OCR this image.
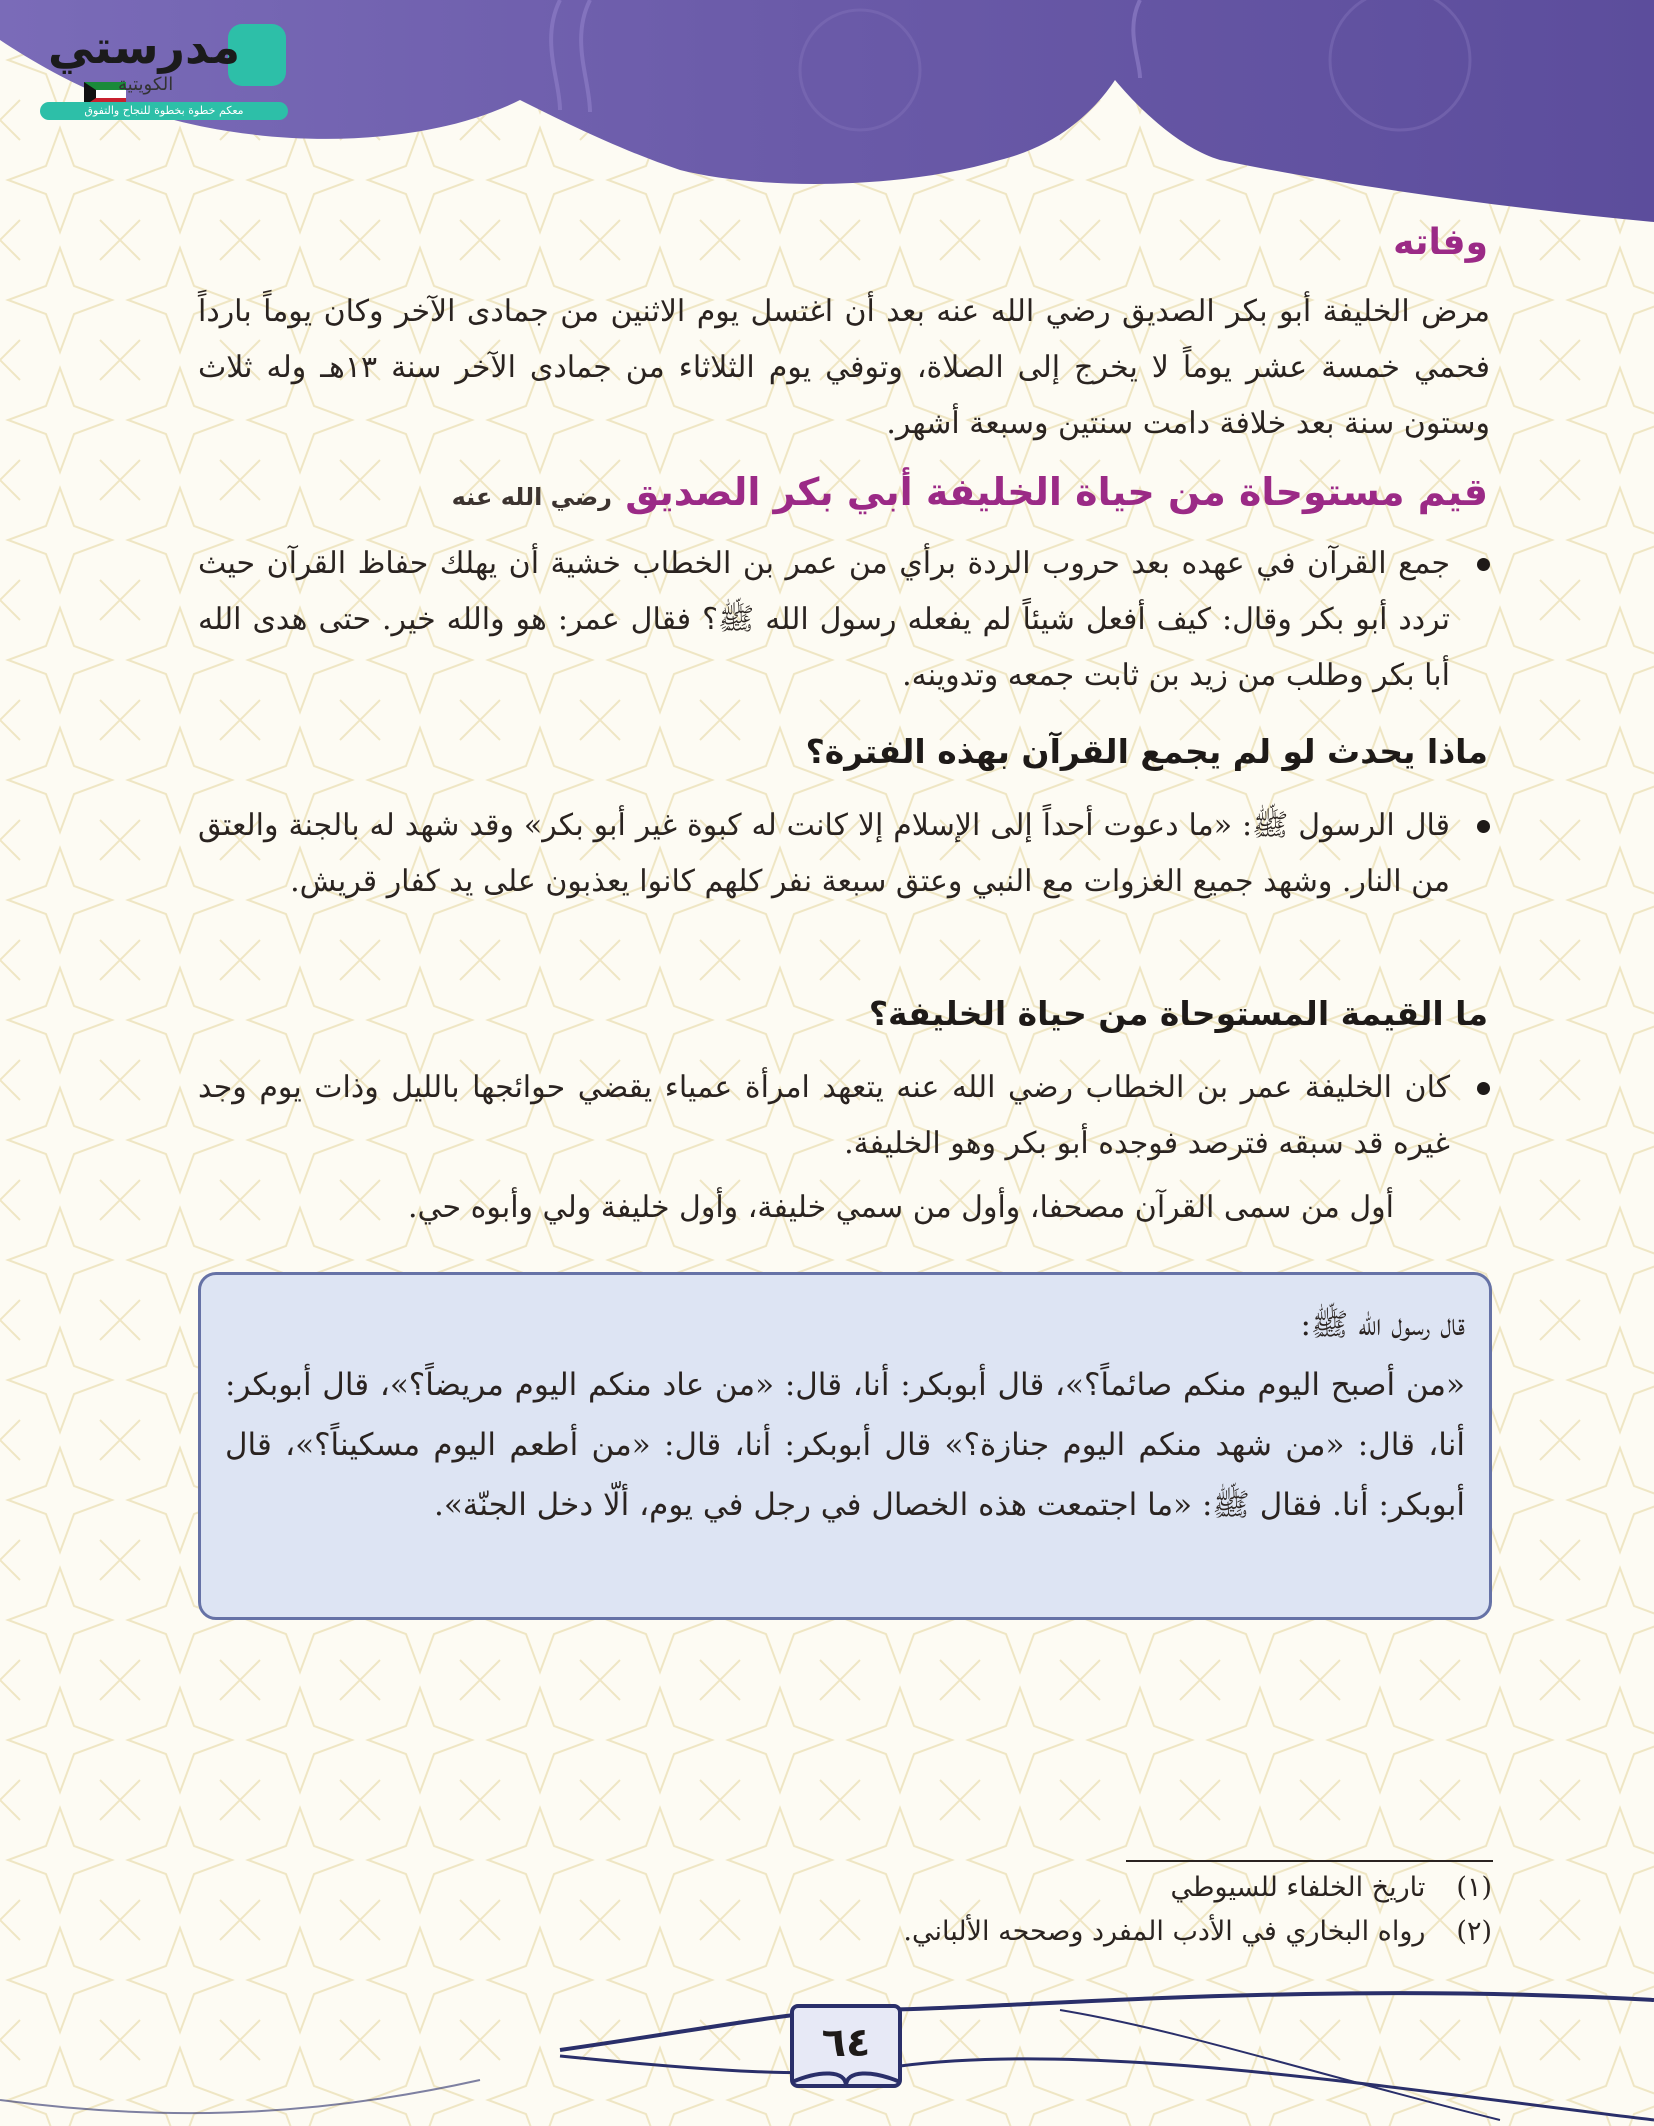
مدرستي
الكويتية
معكم خطوة بخطوة للنجاح والتفوق
وفاته

مرض الخليفة أبو بكر الصديق رضي الله عنه بعد أن اغتسل يوم الاثنين من جمادى الآخر وكان يوماً بارداً فحمي خمسة عشر يوماً لا يخرج إلى الصلاة، وتوفي يوم الثلاثاء من جمادى الآخر سنة ١٣هـ وله ثلاث وستون سنة بعد خلافة دامت سنتين وسبعة أشهر.

قيم مستوحاة من حياة الخليفة أبي بكر الصديق رضي الله عنه

جمع القرآن في عهده بعد حروب الردة برأي من عمر بن الخطاب خشية أن يهلك حفاظ القرآن حيث تردد أبو بكر وقال: كيف أفعل شيئاً لم يفعله رسول الله ﷺ؟ فقال عمر: هو والله خير. حتى هدى الله أبا بكر وطلب من زيد بن ثابت جمعه وتدوينه.

ماذا يحدث لو لم يجمع القرآن بهذه الفترة؟

قال الرسول ﷺ: «ما دعوت أحداً إلى الإسلام إلا كانت له كبوة غير أبو بكر» وقد شهد له بالجنة والعتق من النار. وشهد جميع الغزوات مع النبي وعتق سبعة نفر كلهم كانوا يعذبون على يد كفار قريش.

ما القيمة المستوحاة من حياة الخليفة؟

كان الخليفة عمر بن الخطاب رضي الله عنه يتعهد امرأة عمياء يقضي حوائجها بالليل وذات يوم وجد غيره قد سبقه فترصد فوجده أبو بكر وهو الخليفة.

أول من سمى القرآن مصحفا، وأول من سمي خليفة، وأول خليفة ولي وأبوه حي.

قال رسول الله ﷺ:

«من أصبح اليوم منكم صائماً؟»، قال أبوبكر: أنا، قال: «من عاد منكم اليوم مريضاً؟»، قال أبوبكر: أنا، قال: «من شهد منكم اليوم جنازة؟» قال أبوبكر: أنا، قال: «من أطعم اليوم مسكيناً؟»، قال أبوبكر: أنا. فقال ﷺ: «ما اجتمعت هذه الخصال في رجل في يوم، ألّا دخل الجنّة».

(١) تاريخ الخلفاء للسيوطي
(٢) رواه البخاري في الأدب المفرد وصححه الألباني.
٦٤
